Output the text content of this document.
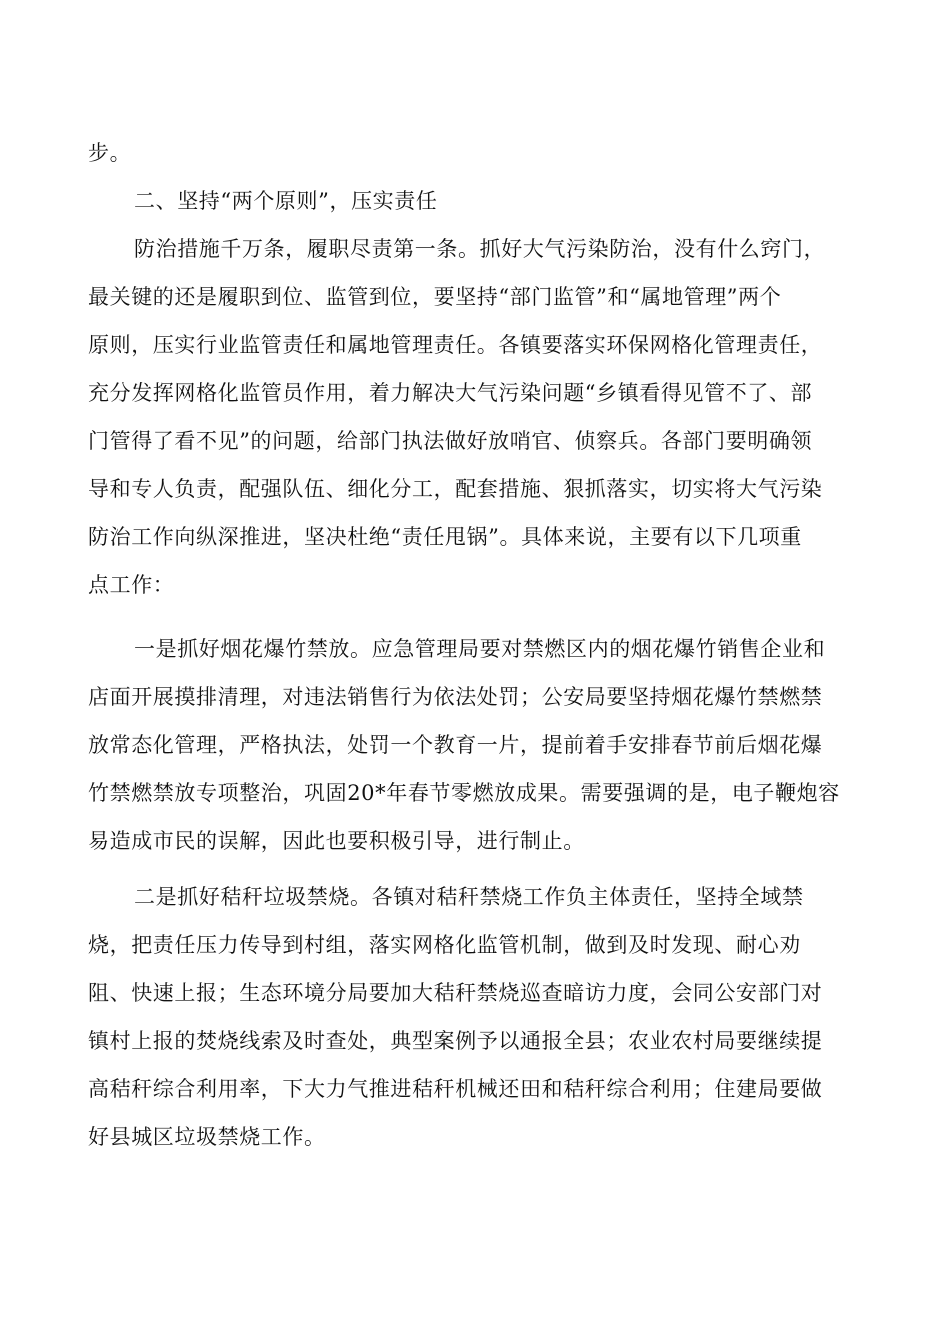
步。
二、坚持“两个原则”，压实责任
防治措施千万条，履职尽责第一条。抓好大气污染防治，没有什么窍门，
最关键的还是履职到位、监管到位，要坚持“部门监管”和“属地管理”两个
原则，压实行业监管责任和属地管理责任。各镇要落实环保网格化管理责任，
充分发挥网格化监管员作用，着力解决大气污染问题“乡镇看得见管不了、部
门管得了看不见”的问题，给部门执法做好放哨官、侦察兵。各部门要明确领
导和专人负责，配强队伍、细化分工，配套措施、狠抓落实，切实将大气污染
防治工作向纵深推进，坚决杜绝“责任甩锅”。具体来说，主要有以下几项重
点工作：
一是抓好烟花爆竹禁放。应急管理局要对禁燃区内的烟花爆竹销售企业和
店面开展摸排清理，对违法销售行为依法处罚；公安局要坚持烟花爆竹禁燃禁
放常态化管理，严格执法，处罚一个教育一片，提前着手安排春节前后烟花爆
竹禁燃禁放专项整治，巩固20*年春节零燃放成果。需要强调的是，电子鞭炮容
易造成市民的误解，因此也要积极引导，进行制止。
二是抓好秸秆垃圾禁烧。各镇对秸秆禁烧工作负主体责任，坚持全域禁
烧，把责任压力传导到村组，落实网格化监管机制，做到及时发现、耐心劝
阻、快速上报；生态环境分局要加大秸秆禁烧巡查暗访力度，会同公安部门对
镇村上报的焚烧线索及时查处，典型案例予以通报全县；农业农村局要继续提
高秸秆综合利用率，下大力气推进秸秆机械还田和秸秆综合利用；住建局要做
好县城区垃圾禁烧工作。
